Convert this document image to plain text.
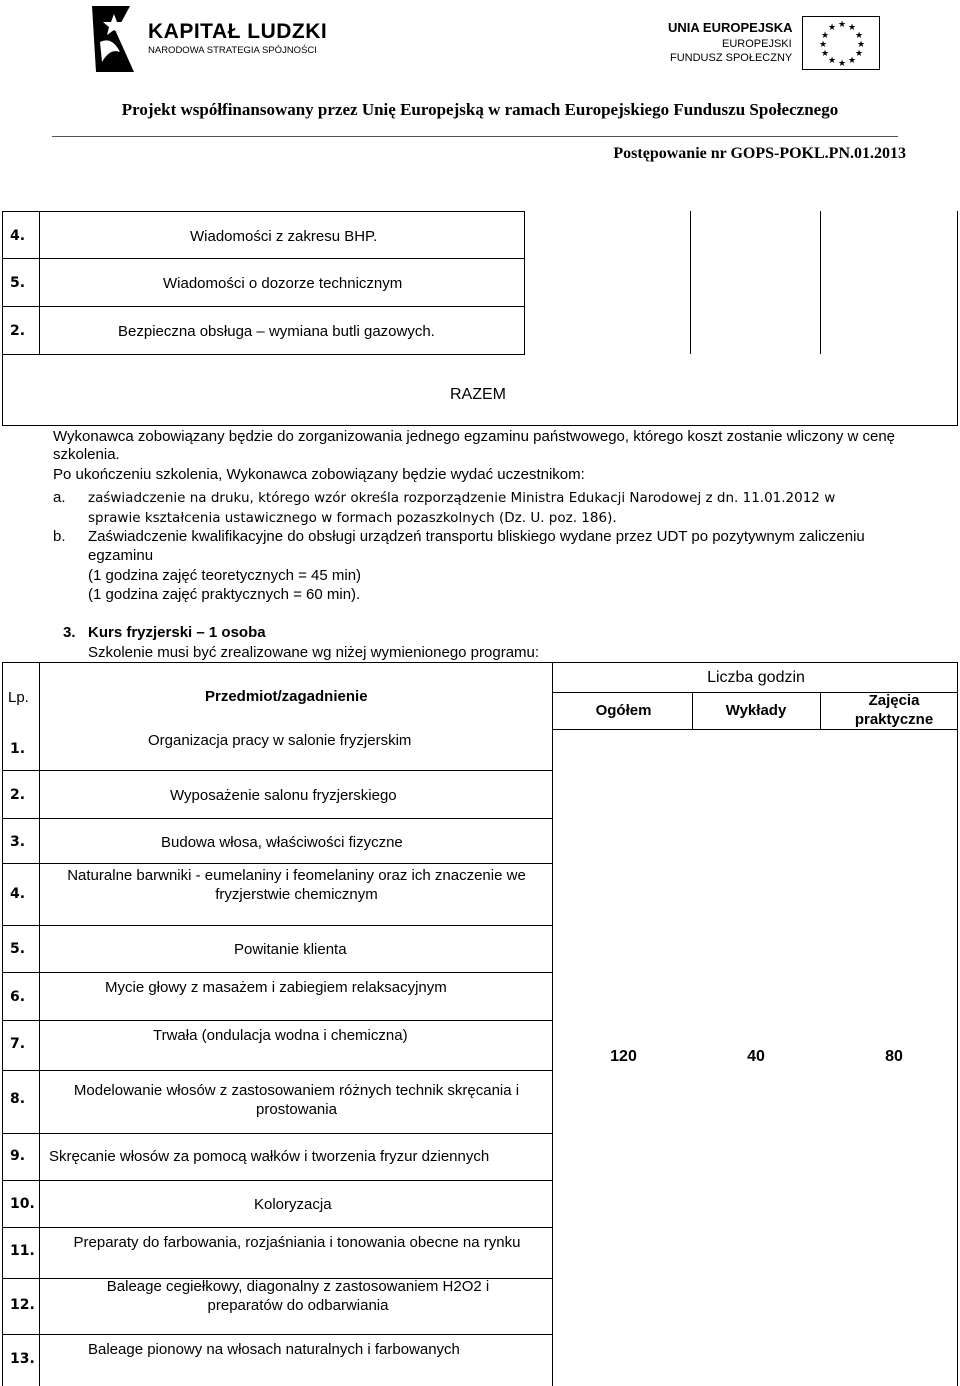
KAPITAŁ LUDZKI
NARODOWA STRATEGIA SPÓJNOŚCI
UNIA EUROPEJSKA
EUROPEJSKI
FUNDUSZ SPOŁECZNY
★ ★
★
★
★
★
★
★
★
★
★
★
Projekt współfinansowany przez Unię Europejską w ramach Europejskiego Funduszu Społecznego
Postępowanie nr GOPS-POKL.PN.01.2013
4.	Wiadomości z zakresu BHP.
5.	Wiadomości o dozorze technicznym
2.	Bezpieczna obsługa – wymiana butli gazowych.
RAZEM
Wykonawca zobowiązany będzie do zorganizowania jednego egzaminu państwowego, którego koszt zostanie wliczony w cenę szkolenia.
Po ukończeniu szkolenia, Wykonawca zobowiązany będzie wydać uczestnikom:
a. zaświadczenie na druku, którego wzór określa rozporządzenie Ministra Edukacji Narodowej z dn. 11.01.2012 w sprawie kształcenia ustawicznego w formach pozaszkolnych (Dz. U. poz. 186).
b. Zaświadczenie kwalifikacyjne do obsługi urządzeń transportu bliskiego wydane przez UDT po pozytywnym zaliczeniu egzaminu
(1 godzina zajęć teoretycznych = 45 min)
(1 godzina zajęć praktycznych = 60 min).
3. Kurs fryzjerski – 1 osoba
Szkolenie musi być zrealizowane wg niżej wymienionego programu:
Lp.	Przedmiot/zagadnienie
Liczba godzin
Ogółem	Wykłady
Zajęcia praktyczne
1.	Organizacja pracy w salonie fryzjerskim
2.	Wyposażenie salonu fryzjerskiego
3.	Budowa włosa, właściwości fizyczne
4.
Naturalne barwniki - eumelaniny i feomelaniny oraz ich znaczenie we fryzjerstwie chemicznym
5.	Powitanie klienta
6.
Mycie głowy z masażem i zabiegiem relaksacyjnym
7.	Trwała (ondulacja wodna i chemiczna)
8.	Modelowanie włosów z zastosowaniem różnych technik skręcania i prostowania
9. Skręcanie włosów za pomocą wałków i tworzenia fryzur dziennych
10.	Koloryzacja
11.	Preparaty do farbowania, rozjaśniania i tonowania obecne na rynku
12.
Baleage cegiełkowy, diagonalny z zastosowaniem H2O2 i preparatów do odbarwiania
13.
Baleage pionowy na włosach naturalnych i farbowanych
120	40	80
